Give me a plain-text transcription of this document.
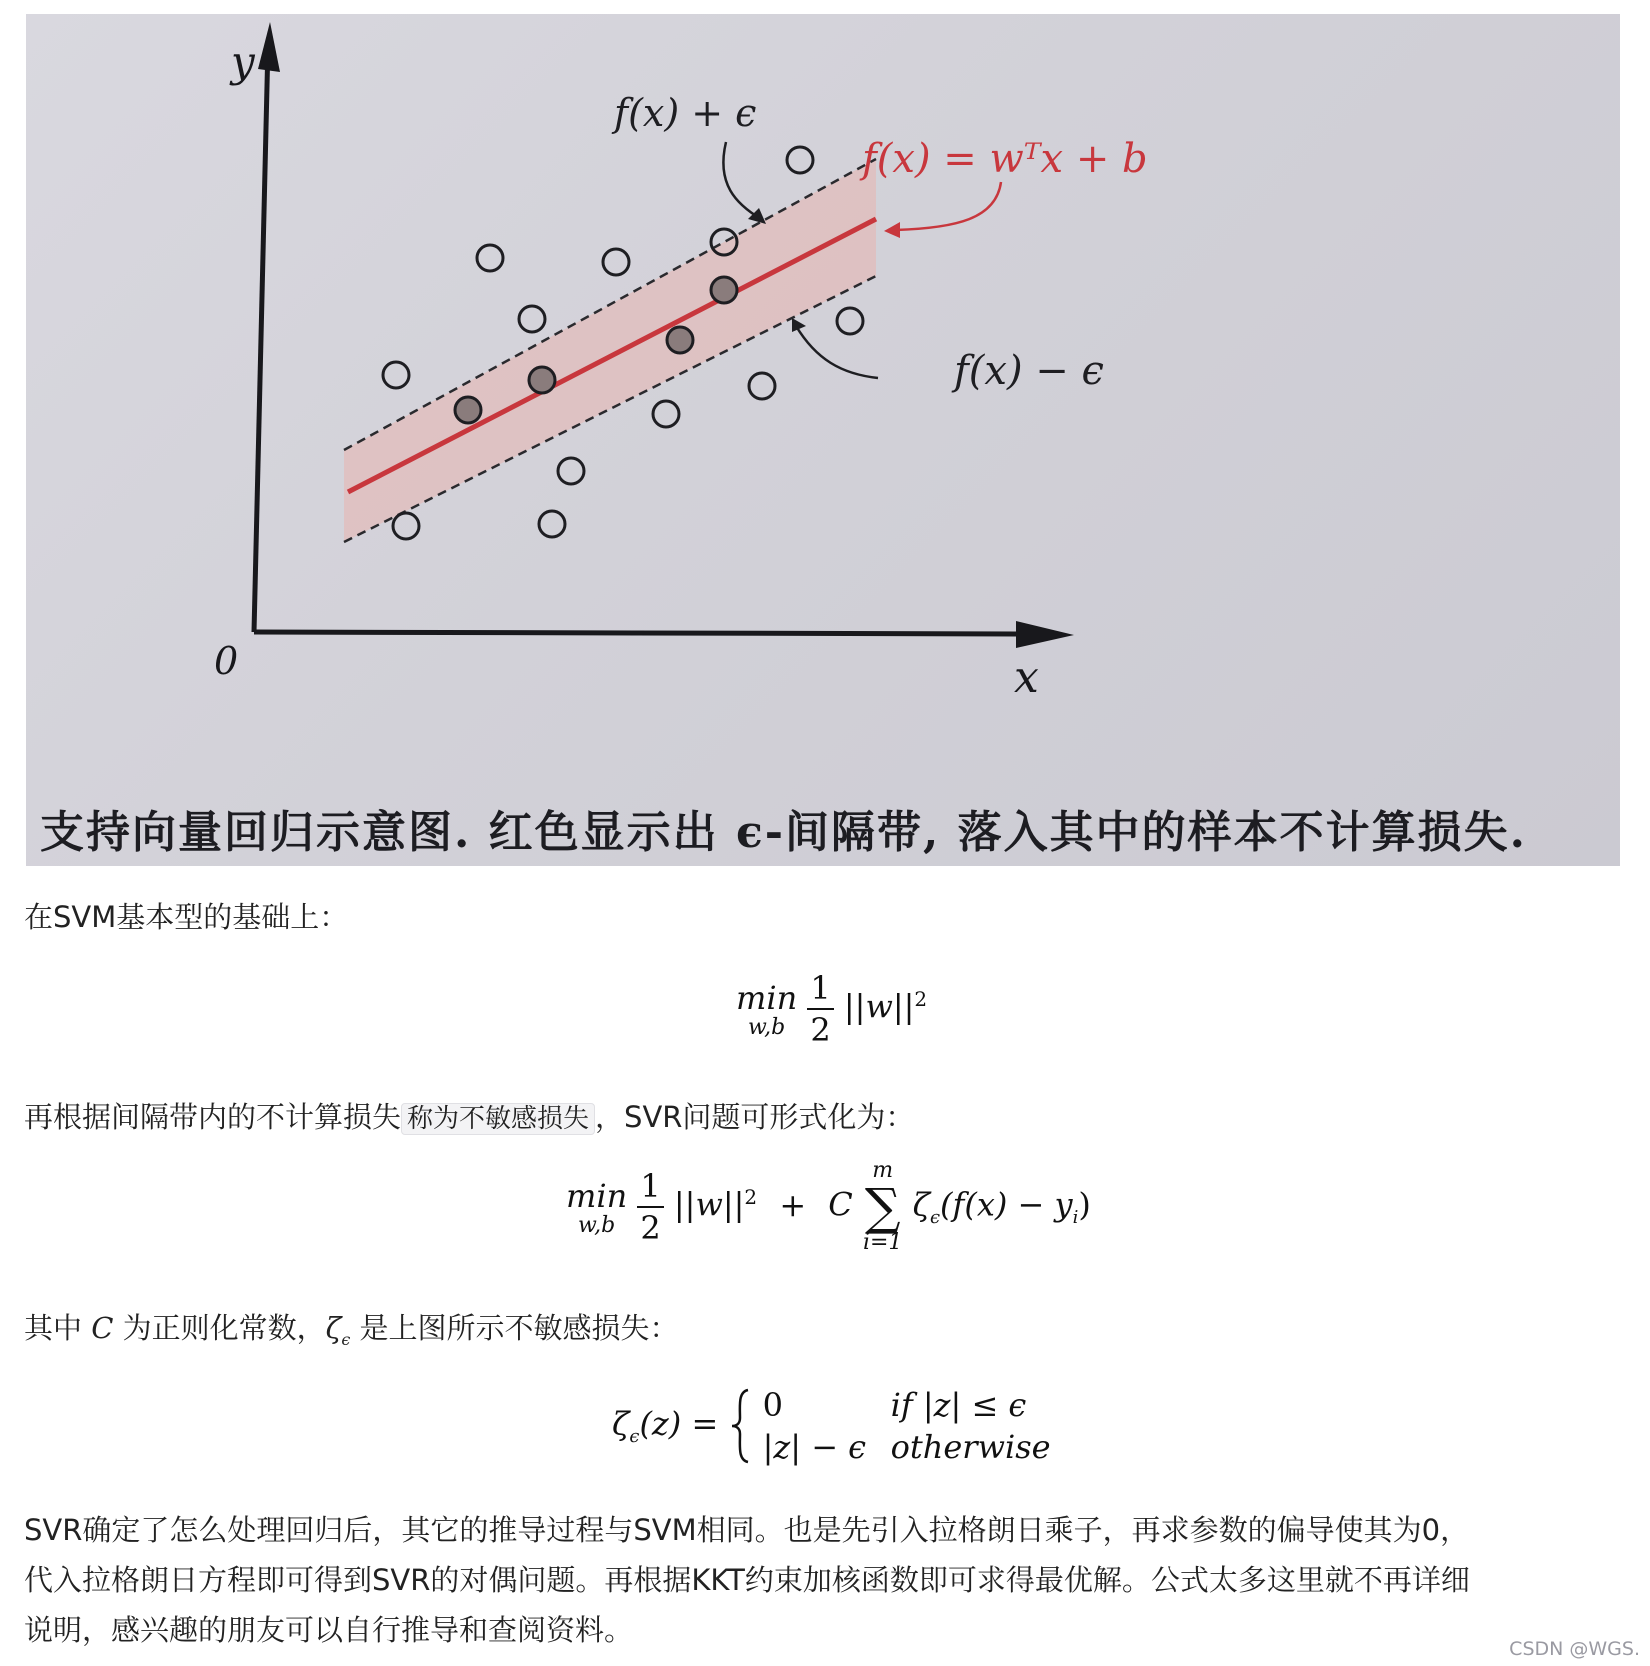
y
x
0
f(x) + ϵ
f(x) − ϵ
f(x) = wᵀx + b
支持向量回归示意图. 红色显示出 ϵ-间隔带, 落入其中的样本不计算损失.
在SVM基本型的基础上：
min
w,b
$\frac{1}{2} ||w||^2$
再根据间隔带内的不计算损失 称为不敏感损失 ，SVR问题可形式化为：
min
w,b
$\frac{1}{2} ||w||^2 + C$
m
∑
i=1
$\zeta_\epsilon(f(x) - y_i)$
其中 C 为正则化常数，$\zeta_\epsilon$ 是上图所示不敏感损失：
$\zeta_\epsilon(z) = 0$	if |z| ≤ ϵ
|z| − ϵ otherwise
SVR确定了怎么处理回归后，其它的推导过程与SVM相同。也是先引入拉格朗日乘子，再求参数的偏导使其为0，
代入拉格朗日方程即可得到SVR的对偶问题。再根据KKT约束加核函数即可求得最优解。公式太多这里就不再详细
说明，感兴趣的朋友可以自行推导和查阅资料。
CSDN @WGS.
